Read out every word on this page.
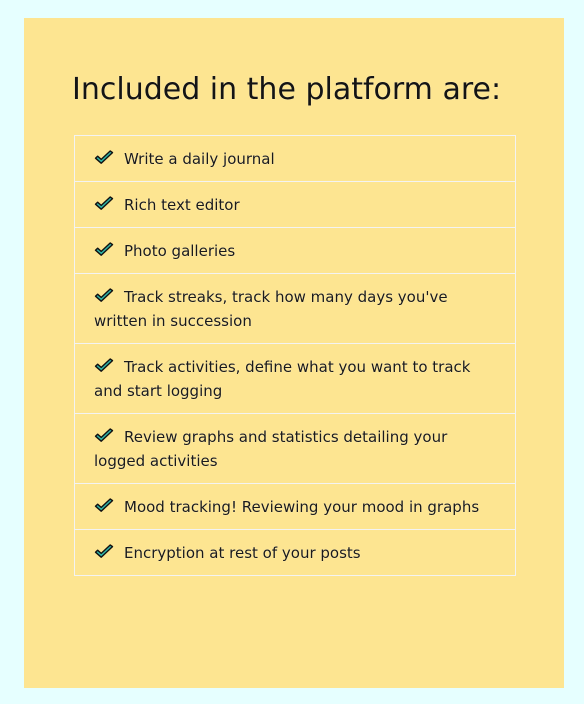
Included in the platform are:
Write a daily journal
Rich text editor
Photo galleries
Track streaks, track how many days you've written in succession
Track activities, define what you want to track and start logging
Review graphs and statistics detailing your logged activities
Mood tracking! Reviewing your mood in graphs
Encryption at rest of your posts
